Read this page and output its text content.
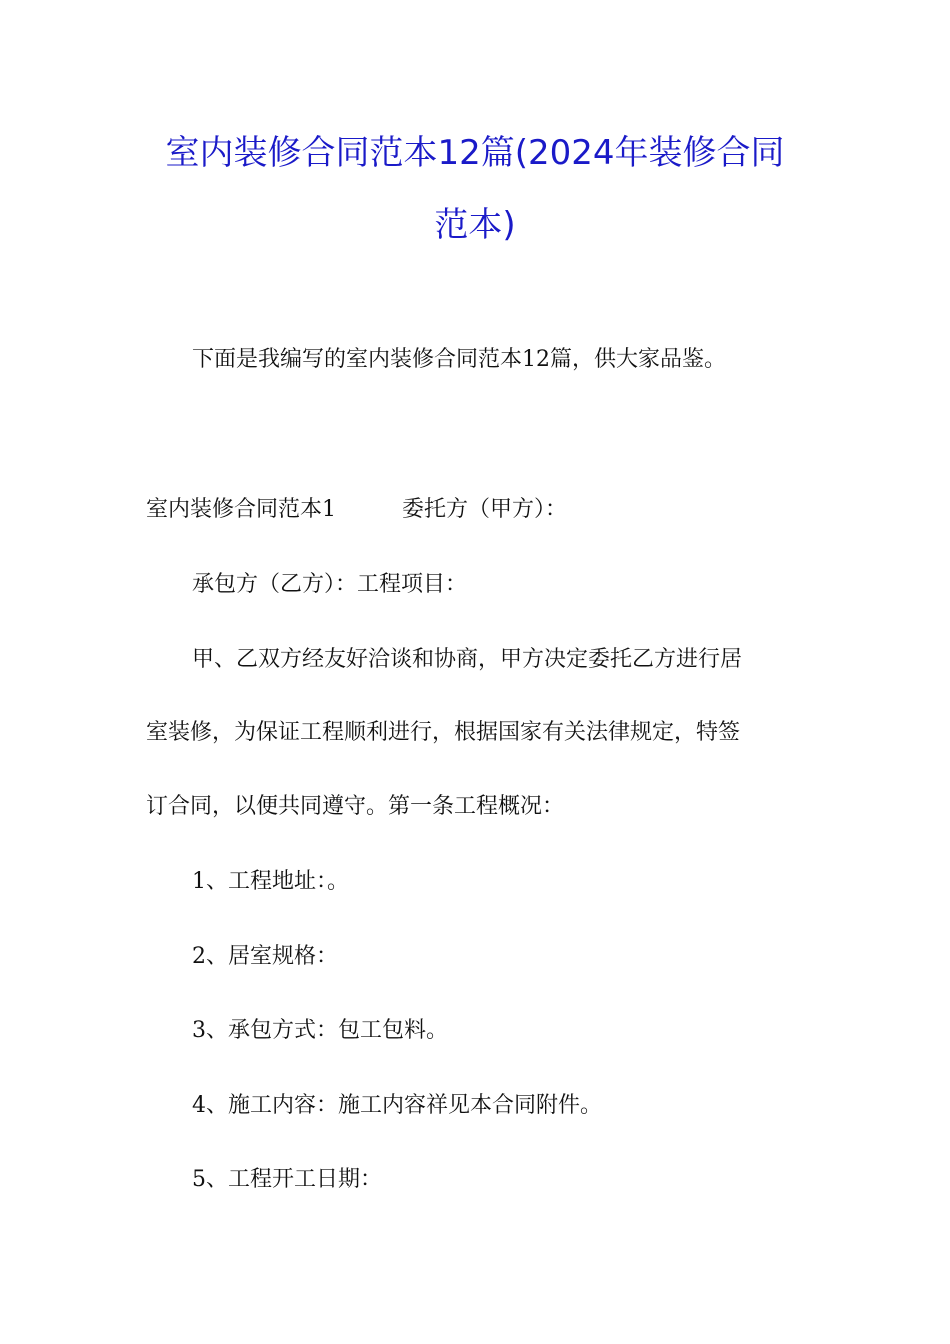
室内装修合同范本12篇(2024年装修合同
范本)
下面是我编写的室内装修合同范本12篇，供大家品鉴。
室内装修合同范本1	委托方（甲方）：
承包方（乙方）：工程项目：
甲、乙双方经友好洽谈和协商，甲方决定委托乙方进行居
室装修，为保证工程顺利进行，根据国家有关法律规定，特签
订合同，以便共同遵守。第一条工程概况：
1、工程地址：。
2、居室规格：
3、承包方式：包工包料。
4、施工内容：施工内容祥见本合同附件。
5、工程开工日期：
